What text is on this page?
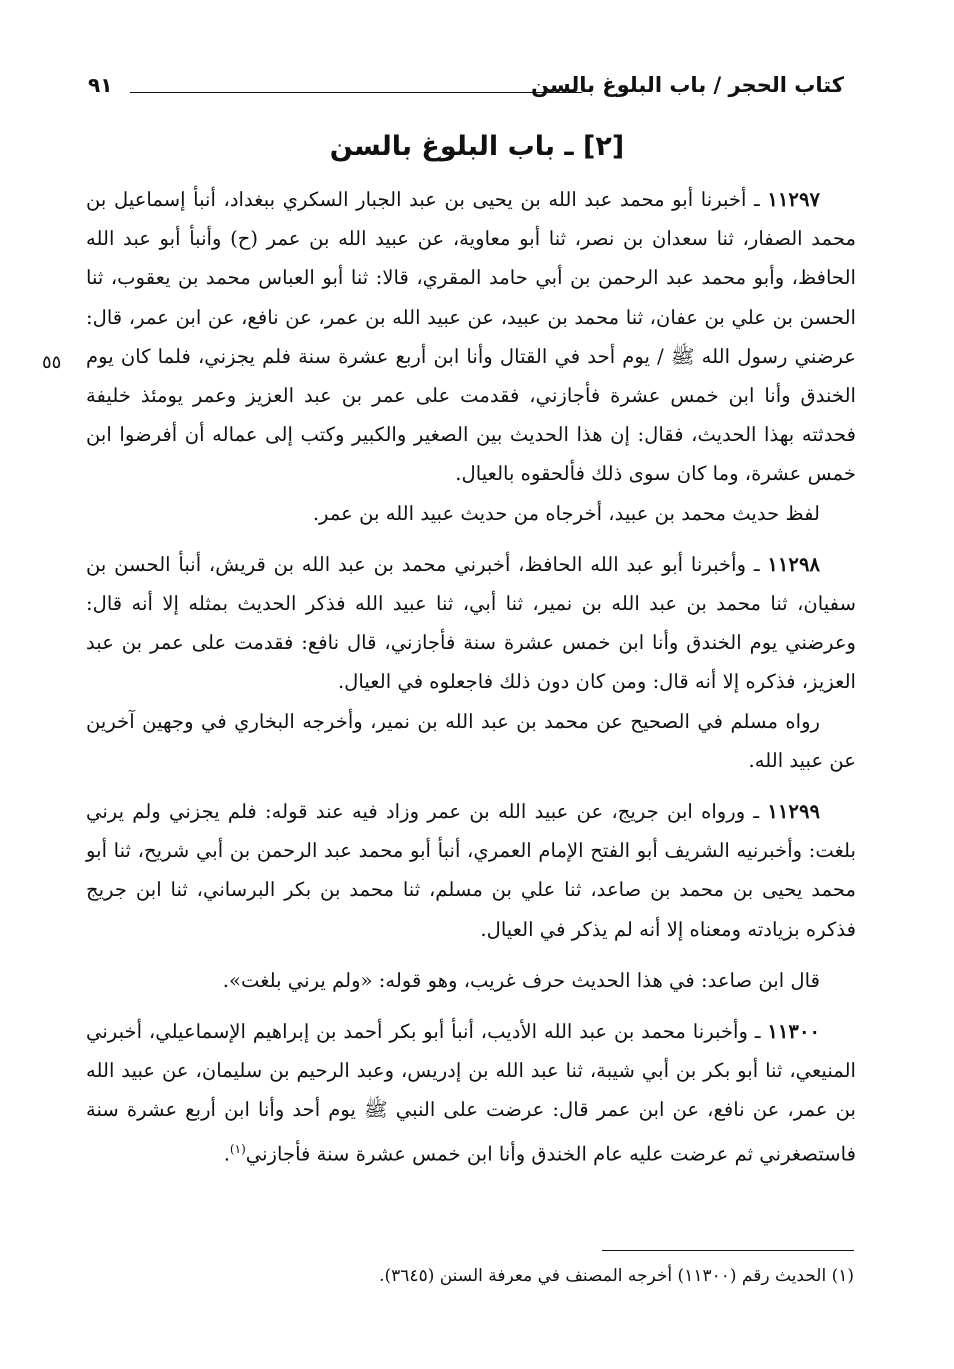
كتاب الحجر / باب البلوغ بالسن
٩١
[٢] ـ باب البلوغ بالسن
٥٥

١١٢٩٧ ـ أخبرنا أبو محمد عبد الله بن يحيى بن عبد الجبار السكري ببغداد، أنبأ إسماعيل بن محمد الصفار، ثنا سعدان بن نصر، ثنا أبو معاوية، عن عبيد الله بن عمر (ح) وأنبأ أبو عبد الله الحافظ، وأبو محمد عبد الرحمن بن أبي حامد المقري، قالا: ثنا أبو العباس محمد بن يعقوب، ثنا الحسن بن علي بن عفان، ثنا محمد بن عبيد، عن عبيد الله بن عمر، عن نافع، عن ابن عمر، قال: عرضني رسول الله ﷺ / يوم أحد في القتال وأنا ابن أربع عشرة سنة فلم يجزني، فلما كان يوم الخندق وأنا ابن خمس عشرة فأجازني، فقدمت على عمر بن عبد العزيز وعمر يومئذ خليفة فحدثته بهذا الحديث، فقال: إن هذا الحديث بين الصغير والكبير وكتب إلى عماله أن أفرضوا ابن خمس عشرة، وما كان سوى ذلك فألحقوه بالعيال.

لفظ حديث محمد بن عبيد، أخرجاه من حديث عبيد الله بن عمر.

١١٢٩٨ ـ وأخبرنا أبو عبد الله الحافظ، أخبرني محمد بن عبد الله بن قريش، أنبأ الحسن بن سفيان، ثنا محمد بن عبد الله بن نمير، ثنا أبي، ثنا عبيد الله فذكر الحديث بمثله إلا أنه قال: وعرضني يوم الخندق وأنا ابن خمس عشرة سنة فأجازني، قال نافع: فقدمت على عمر بن عبد العزيز، فذكره إلا أنه قال: ومن كان دون ذلك فاجعلوه في العيال.

رواه مسلم في الصحيح عن محمد بن عبد الله بن نمير، وأخرجه البخاري في وجهين آخرين عن عبيد الله.

١١٢٩٩ ـ ورواه ابن جريج، عن عبيد الله بن عمر وزاد فيه عند قوله: فلم يجزني ولم يرني بلغت: وأخبرنيه الشريف أبو الفتح الإمام العمري، أنبأ أبو محمد عبد الرحمن بن أبي شريح، ثنا أبو محمد يحيى بن محمد بن صاعد، ثنا علي بن مسلم، ثنا محمد بن بكر البرساني، ثنا ابن جريج فذكره بزيادته ومعناه إلا أنه لم يذكر في العيال.

قال ابن صاعد: في هذا الحديث حرف غريب، وهو قوله: «ولم يرني بلغت».

١١٣٠٠ ـ وأخبرنا محمد بن عبد الله الأديب، أنبأ أبو بكر أحمد بن إبراهيم الإسماعيلي، أخبرني المنيعي، ثنا أبو بكر بن أبي شيبة، ثنا عبد الله بن إدريس، وعبد الرحيم بن سليمان، عن عبيد الله بن عمر، عن نافع، عن ابن عمر قال: عرضت على النبي ﷺ يوم أحد وأنا ابن أربع عشرة سنة فاستصغرني ثم عرضت عليه عام الخندق وأنا ابن خمس عشرة سنة فأجازني$^{(١)}$.

(١) الحديث رقم (١١٣٠٠) أخرجه المصنف في معرفة السنن (٣٦٤٥).
